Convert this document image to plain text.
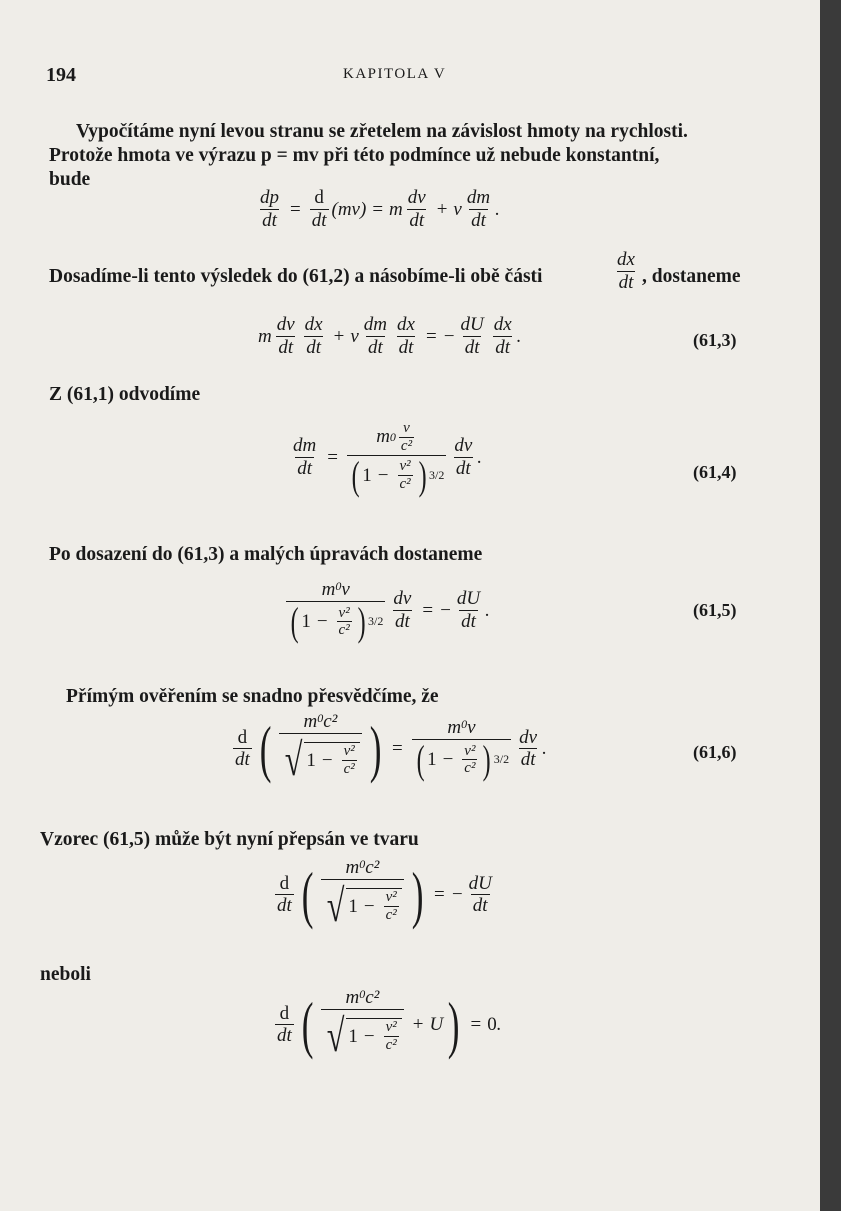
194	KAPITOLA V
Vypočítáme nyní levou stranu se zřetelem na závislost hmoty na rychlosti.
Protože hmota ve výrazu p = mv při této podmínce už nebude konstantní,
bude
$\frac{dp}{dt} = \frac{d}{dt} (mv) = m \frac{dv}{dt} + v \frac{dm}{dt}$ .
Dosadíme-li tento výsledek do (61,2) a násobíme-li obě části	$\frac{dx}{dt}$ , dostaneme
m $\frac{dv}{dt} \frac{dx}{dt} + v \frac{dm}{dt} \frac{dx}{dt}$ = − $\frac{dU}{dt} \frac{dx}{dt}$ .	(61,3)
Z (61,1) odvodíme
$\frac{dm}{dt} = \frac{m 0 \frac{v}{\text{c²}}}{( 1 - \frac{\text{v²}}{\text{c²}} ) 3/2} \frac{dv}{dt}$ .
(61,4)
Po dosazení do (61,3) a malých úpravách dostaneme
$\frac{m 0 v}{( 1 - \frac{\text{v²}}{\text{c²}} ) 3/2} \frac{dv}{dt}$ = − $\frac{dU}{dt}$ .	(61,5)
Přímým ověřením se snadno přesvědčíme, že
$\frac{d}{dt}$ ( $\frac{\text{m 0 c²}}{√ 1 - \frac{\text{v²}}{\text{c²}}}$ ) = $\frac{m 0 v}{( 1 - \frac{\text{v²}}{\text{c²}} ) 3/2} \frac{dv}{dt}$ .	(61,6)
Vzorec (61,5) může být nyní přepsán ve tvaru
$\frac{d}{dt}$ ( $\frac{\text{m 0 c²}}{√ 1 - \frac{\text{v²}}{\text{c²}}}$ ) = − $\frac{dU}{dt}$
neboli
$\frac{d}{dt}$ ( $\frac{\text{m 0 c²}}{√ 1 - \frac{\text{v²}}{\text{c²}}} + U$ ) = 0 .
